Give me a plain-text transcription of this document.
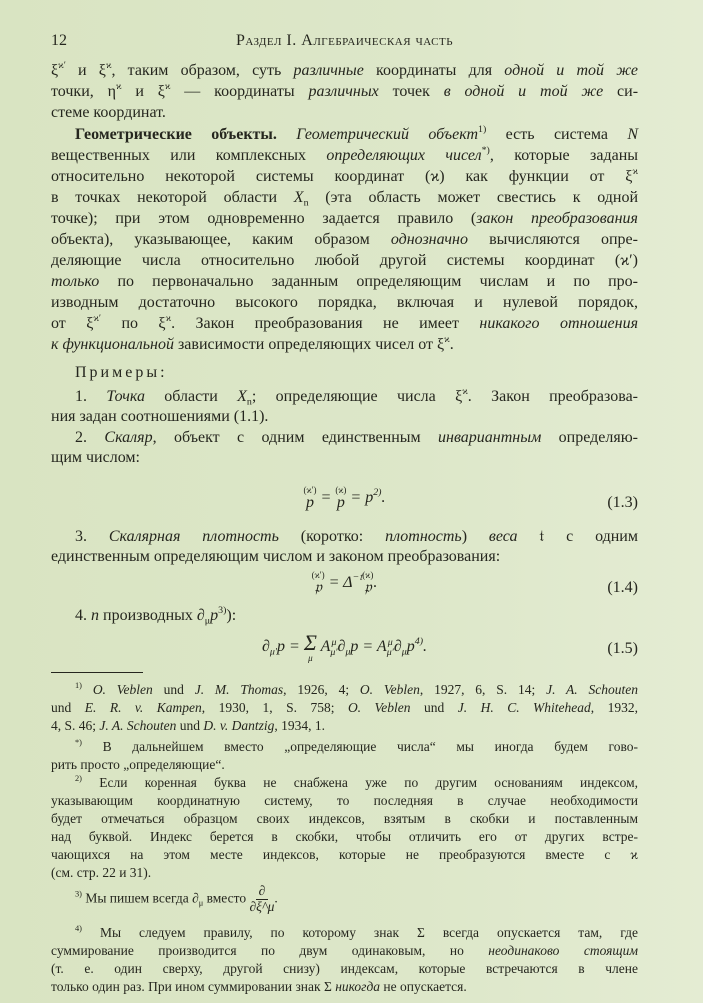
12	Раздел I. Алгебраическая часть
$\xi^{ϰ'}$ и $\xi^ϰ$, таким образом, суть различные координаты для одной и той же
точки, $\eta^ϰ$ и $\xi^ϰ$ — координаты различных точек в одной и той же си-
стеме координат.
Геометрические объекты. Геометрический объект$^{1)}$ есть система N
вещественных или комплексных определяющих чисел*), которые заданы
относительно некоторой системы координат (ϰ) как функции от $\xi^ϰ$
в точках некоторой области $X_n$ (эта область может свестись к одной
точке); при этом одновременно задается правило (закон преобразования
объекта), указывающее, каким образом однозначно вычисляются опре-
деляющие числа относительно любой другой системы координат (ϰ′)
только по первоначально заданным определяющим числам и по про-
изводным достаточно высокого порядка, включая и нулевой порядок,
от $\xi^{ϰ'}$ по $\xi^ϰ$. Закон преобразования не имеет никакого отношения
к функциональной зависимости определяющих чисел от $\xi^ϰ$.
Примеры:
1. Точка области $X_n$; определяющие числа $\xi^ϰ$. Закон преобразова-
ния задан соотношениями (1.1).
2. Скаляр, объект с одним единственным инвариантным определяю-
щим числом:
(ϰ′)
p = (ϰ)
$p = p^{2)}$.	(1.3)
3. Скалярная плотность (коротко: плотность) веса 𝔱 с одним
единственным определяющим числом и законом преобразования:
(ϰ′)
𝔭 = $\Delta^{-𝔱}$ (ϰ)
𝔭 .	(1.4)
4. n производных $\partial_\mu p^{3)}$):
$\partial_{\mu'}p = \Sigma$
μ
A μ
μ′ $\partial_\mu p = A$ μ
μ′ $\partial_\mu p^{4)}$.	(1.5)
$^{1)}$ O. Veblen und J. M. Thomas, 1926, 4; O. Veblen, 1927, 6, S. 14; J. A. Schouten
und E. R. v. Kampen, 1930, 1, S. 758; O. Veblen und J. H. C. Whitehead, 1932,
4, S. 46; J. A. Schouten und D. v. Dantzig, 1934, 1.
*) В дальнейшем вместо „определяющие числа“ мы иногда будем гово-
рить просто „определяющие“.
$^{2)}$ Если коренная буква не снабжена уже по другим основаниям индексом,
указывающим координатную систему, то последняя в случае необходимости
будет отмечаться образцом своих индексов, взятым в скобки и поставленным
над буквой. Индекс берется в скобки, чтобы отличить его от других встре-
чающихся на этом месте индексов, которые не преобразуются вместе с ϰ
(см. стр. 22 и 31).
$^{3)}$ Мы пишем всегда $\partial_\mu$ вместо $\frac{\partial}{\partial\xi\^{}\mu}$ .
$^{4)}$ Мы следуем правилу, по которому знак Σ всегда опускается там, где
суммирование производится по двум одинаковым, но неодинаково стоящим
(т. е. один сверху, другой снизу) индексам, которые встречаются в члене
только один раз. При ином суммировании знак Σ никогда не опускается.
